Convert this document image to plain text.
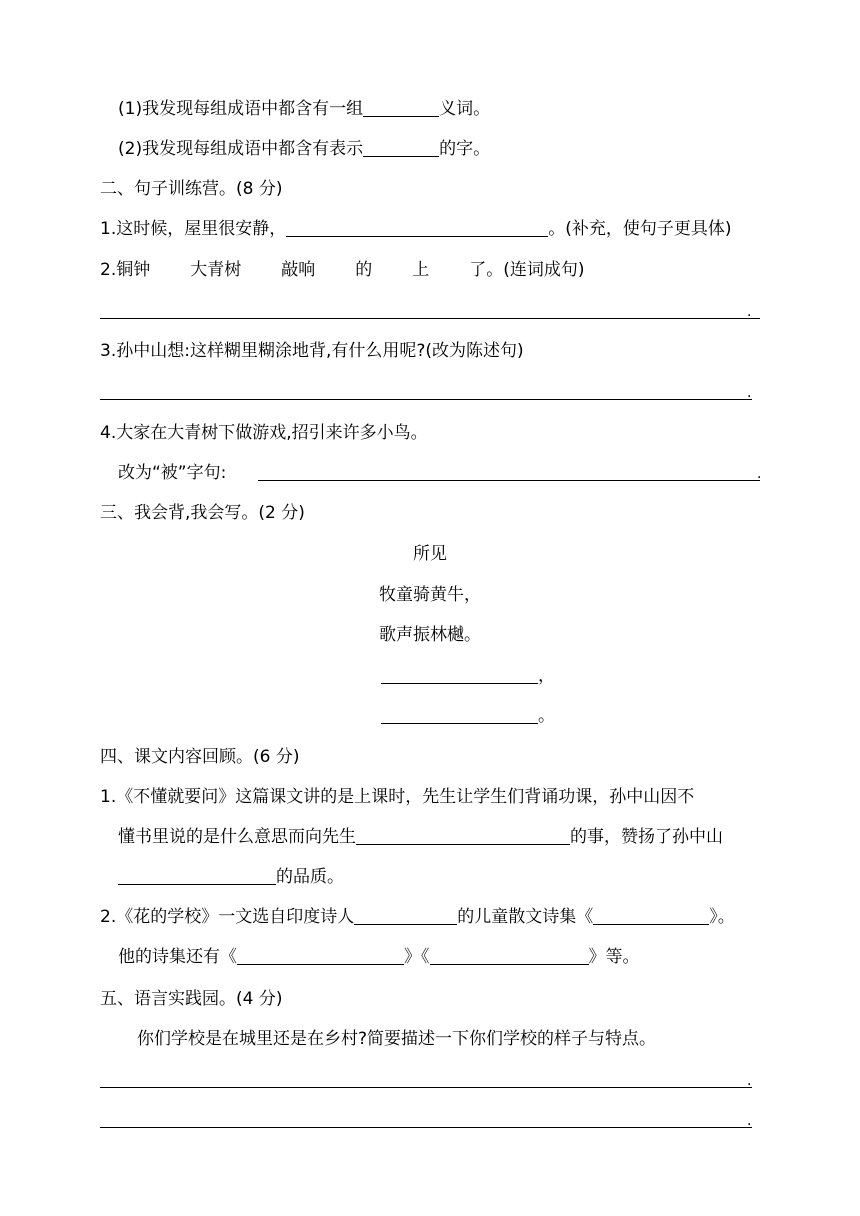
(1)我发现每组成语中都含有一组	义词。
(2)我发现每组成语中都含有表示	的字。
二、句子训练营。(8 分)
1.这时候，屋里很安静，	。(补充，使句子更具体)
2.铜钟 大青树 敲响 的 上 了。(连词成句)
.
3.孙中山想:这样糊里糊涂地背,有什么用呢?(改为陈述句)
.
4.大家在大青树下做游戏,招引来许多小鸟。
改为“被”字句:	.
三、我会背,我会写。(2 分)
所见
牧童骑黄牛，
歌声振林樾。
，
。
四、课文内容回顾。(6 分)
1.《不懂就要问》这篇课文讲的是上课时，先生让学生们背诵功课，孙中山因不
懂书里说的是什么意思而向先生	的事，赞扬了孙中山
的品质。
2.《花的学校》一文选自印度诗人	的儿童散文诗集《	》。
他的诗集还有《	》《	》等。
五、语言实践园。(4 分)
你们学校是在城里还是在乡村?简要描述一下你们学校的样子与特点。
.
.
